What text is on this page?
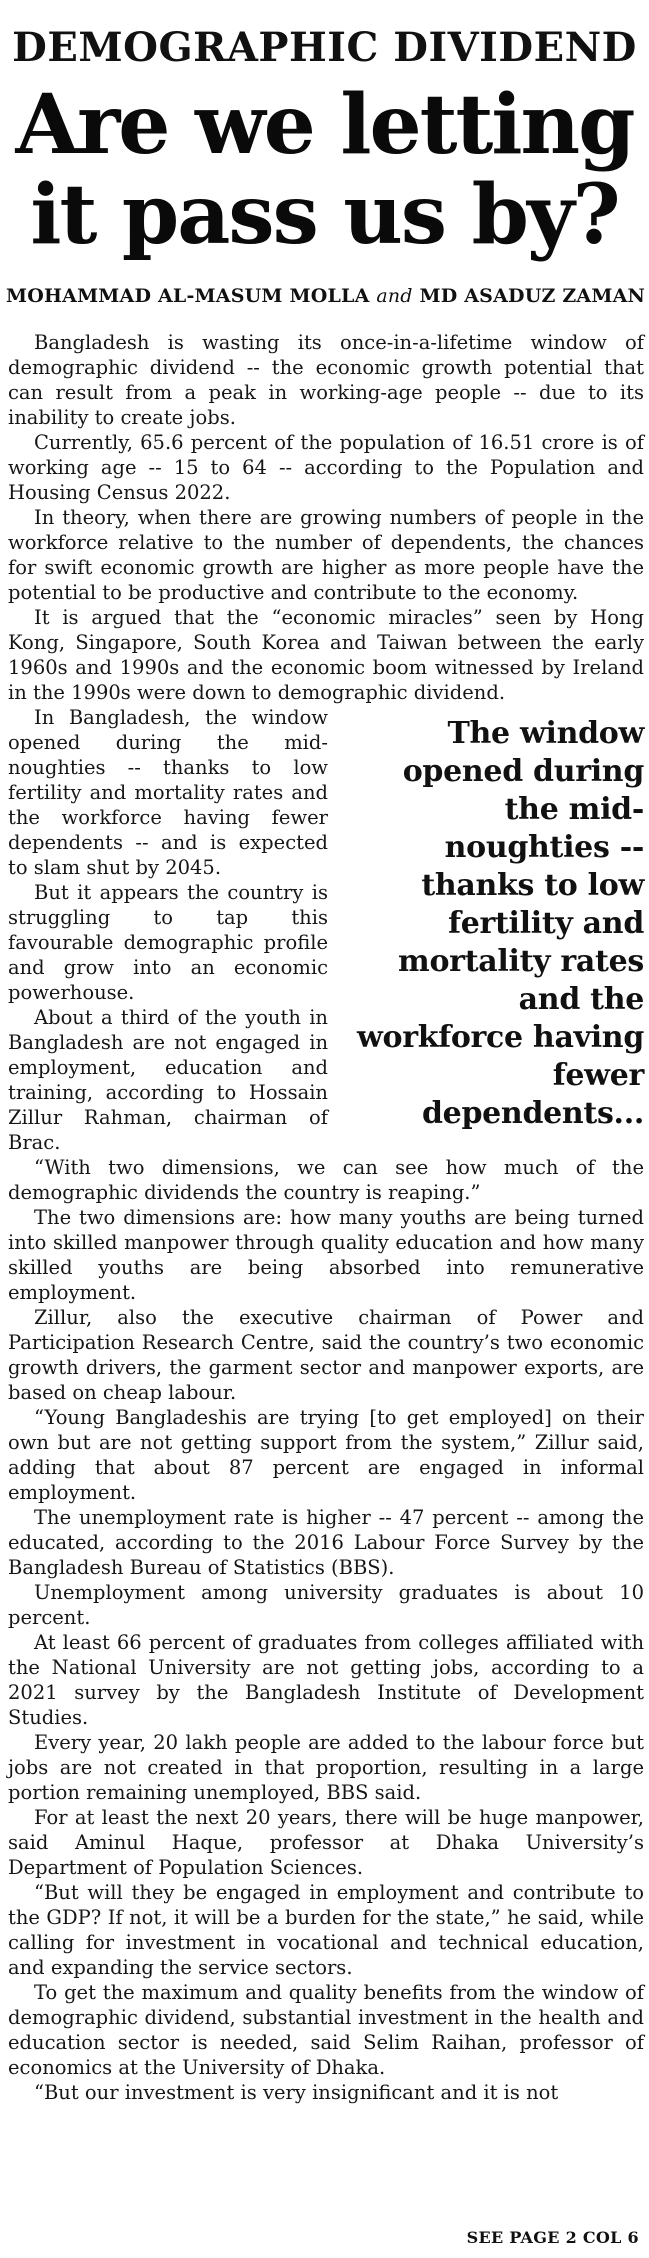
DEMOGRAPHIC DIVIDEND
Are we letting
it pass us by?
MOHAMMAD AL-MASUM MOLLA and MD ASADUZ ZAMAN

Bangladesh is wasting its once-in-a-lifetime window of demographic dividend -- the economic growth potential that can result from a peak in working-age people -- due to its inability to create jobs.

Currently, 65.6 percent of the population of 16.51 crore is of working age -- 15 to 64 -- according to the Population and Housing Census 2022.

In theory, when there are growing numbers of people in the workforce relative to the number of dependents, the chances for swift economic growth are higher as more people have the potential to be productive and contribute to the economy.

It is argued that the “economic miracles” seen by Hong Kong, Singapore, South Korea and Taiwan between the early 1960s and 1990s and the economic boom witnessed by Ireland in the 1990s were down to demographic dividend.

The window opened during the mid-noughties -- thanks to low fertility and mortality rates and the workforce having fewer dependents...

In Bangladesh, the window opened during the mid-noughties -- thanks to low fertility and mortality rates and the workforce having fewer dependents -- and is expected to slam shut by 2045.

But it appears the country is struggling to tap this favourable demographic profile and grow into an economic powerhouse.

About a third of the youth in Bangladesh are not engaged in employment, education and training, according to Hossain Zillur Rahman, chairman of Brac.

“With two dimensions, we can see how much of the demographic dividends the country is reaping.”

The two dimensions are: how many youths are being turned into skilled manpower through quality education and how many skilled youths are being absorbed into remunerative employment.

Zillur, also the executive chairman of Power and Participation Research Centre, said the country’s two economic growth drivers, the garment sector and manpower exports, are based on cheap labour.

“Young Bangladeshis are trying [to get employed] on their own but are not getting support from the system,” Zillur said, adding that about 87 percent are engaged in informal employment.

The unemployment rate is higher -- 47 percent -- among the educated, according to the 2016 Labour Force Survey by the Bangladesh Bureau of Statistics (BBS).

Unemployment among university graduates is about 10 percent.

At least 66 percent of graduates from colleges affiliated with the National University are not getting jobs, according to a 2021 survey by the Bangladesh Institute of Development Studies.

Every year, 20 lakh people are added to the labour force but jobs are not created in that proportion, resulting in a large portion remaining unemployed, BBS said.

For at least the next 20 years, there will be huge manpower, said Aminul Haque, professor at Dhaka University’s Department of Population Sciences.

“But will they be engaged in employment and contribute to the GDP? If not, it will be a burden for the state,” he said, while calling for investment in vocational and technical education, and expanding the service sectors.

To get the maximum and quality benefits from the window of demographic dividend, substantial investment in the health and education sector is needed, said Selim Raihan, professor of economics at the University of Dhaka.

“But our investment is very insignificant and it is not

SEE PAGE 2 COL 6
